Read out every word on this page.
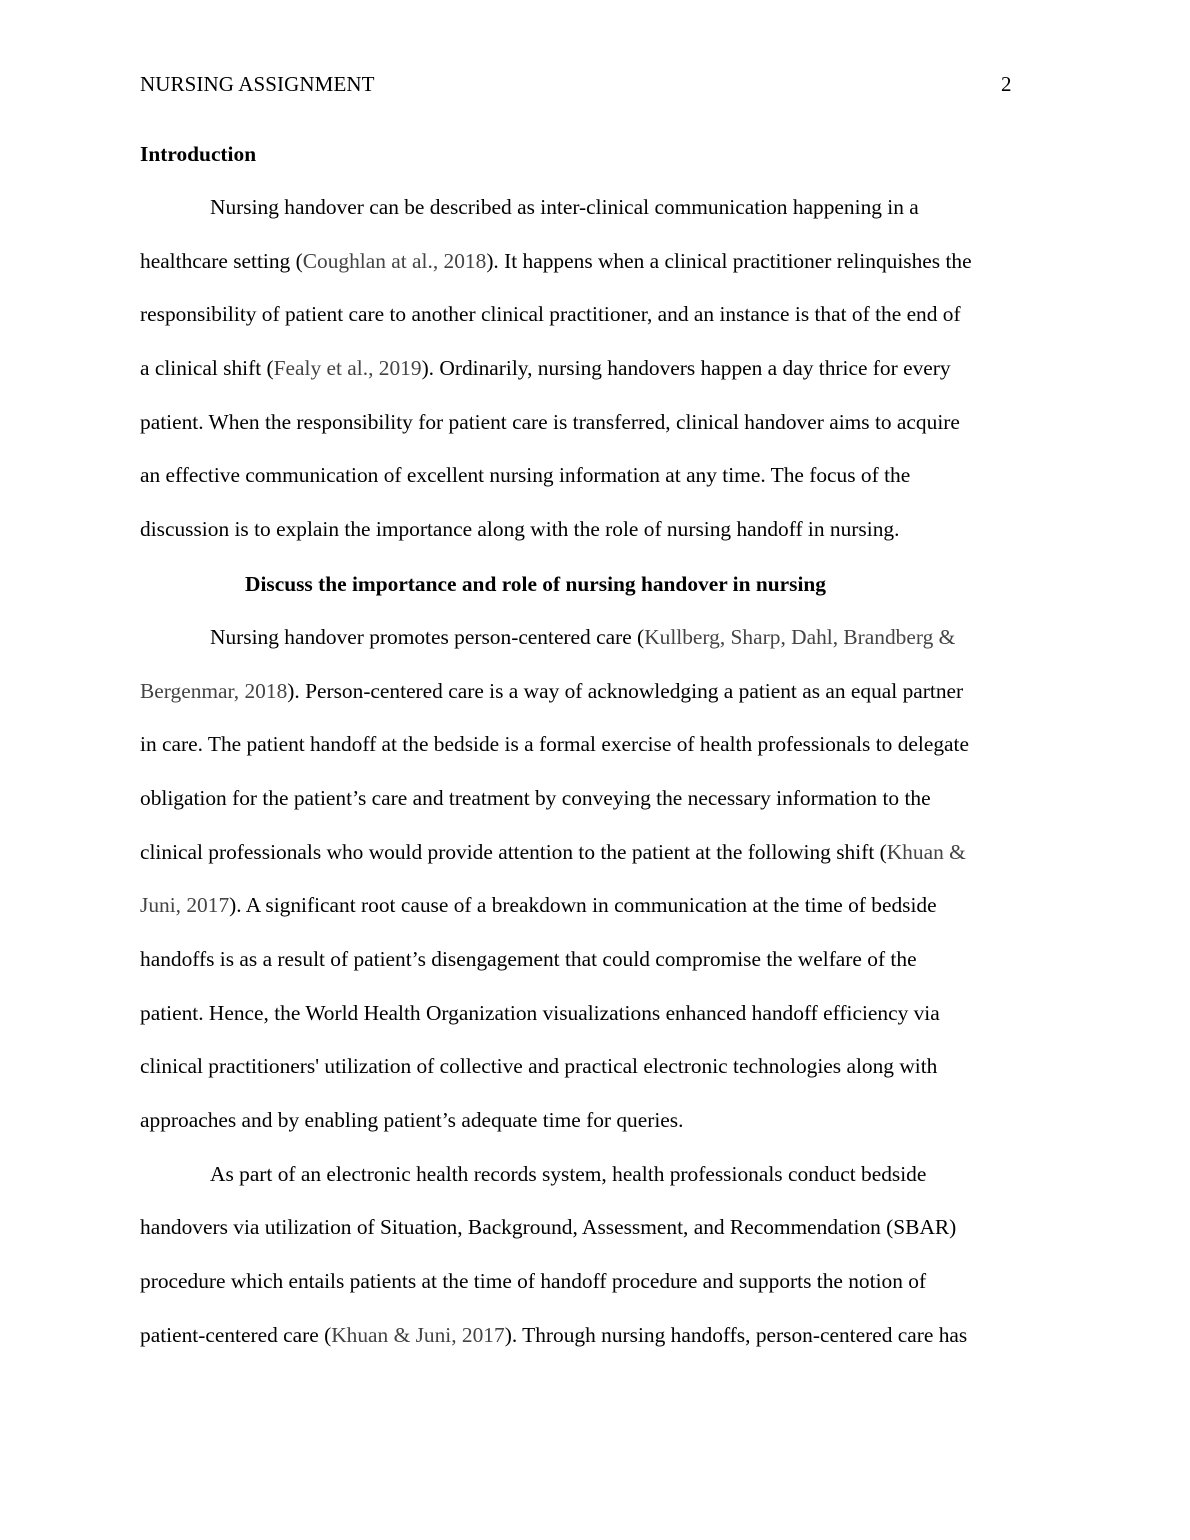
NURSING ASSIGNMENT	2
Introduction
Nursing handover can be described as inter-clinical communication happening in a
healthcare setting (Coughlan at al., 2018). It happens when a clinical practitioner relinquishes the
responsibility of patient care to another clinical practitioner, and an instance is that of the end of
a clinical shift (Fealy et al., 2019). Ordinarily, nursing handovers happen a day thrice for every
patient. When the responsibility for patient care is transferred, clinical handover aims to acquire
an effective communication of excellent nursing information at any time. The focus of the
discussion is to explain the importance along with the role of nursing handoff in nursing.
Discuss the importance and role of nursing handover in nursing
Nursing handover promotes person-centered care (Kullberg, Sharp, Dahl, Brandberg &
Bergenmar, 2018). Person-centered care is a way of acknowledging a patient as an equal partner
in care. The patient handoff at the bedside is a formal exercise of health professionals to delegate
obligation for the patient’s care and treatment by conveying the necessary information to the
clinical professionals who would provide attention to the patient at the following shift (Khuan &
Juni, 2017). A significant root cause of a breakdown in communication at the time of bedside
handoffs is as a result of patient’s disengagement that could compromise the welfare of the
patient. Hence, the World Health Organization visualizations enhanced handoff efficiency via
clinical practitioners' utilization of collective and practical electronic technologies along with
approaches and by enabling patient’s adequate time for queries.
As part of an electronic health records system, health professionals conduct bedside
handovers via utilization of Situation, Background, Assessment, and Recommendation (SBAR)
procedure which entails patients at the time of handoff procedure and supports the notion of
patient-centered care (Khuan & Juni, 2017). Through nursing handoffs, person-centered care has
